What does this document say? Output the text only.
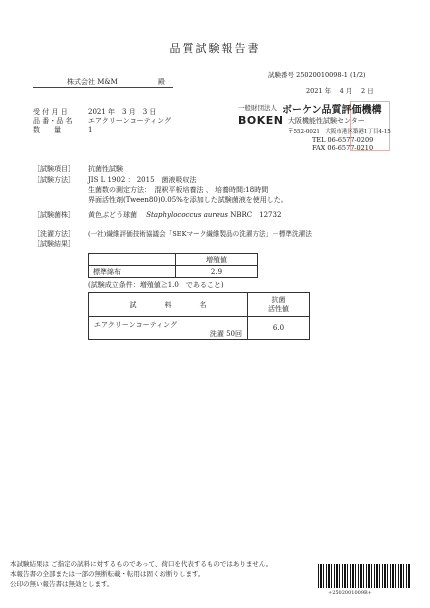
品質試験報告書
試験番号 25020010098-1 (1/2)
2021 年　 4 月　 2 日
株式会社 M&M	殿
受 付 月 日	2021 年　3 月　3 日
品 番・品 名 エアクリーンコーティング
数　　量	1
一般財団法人 ボーケン品質評価機構
BOKEN 大阪機能性試験センター
〒552-0021　大阪市港区築港1丁目4-15
TEL 06-6577-0209
FAX 06-6577-0210
［試験項目］ 抗菌性試験
［試験方法］ JIS L 1902 ： 2015　菌液吸収法
生菌数の測定方法：　混釈平板培養法 、 培養時間:18時間
界面活性剤(Tween80)0.05%を添加した試験菌液を使用した。
［試験菌株］ 黄色ぶどう球菌　 Staphylococcus aureus NBRC　12732
［洗濯方法］ (一社)繊維評価技術協議会「SEKマーク繊維製品の洗濯方法」－標準洗濯法
［試験結果］
	増殖値
標準綿布	2.9
(試験成立条件：増殖値≧1.0　であること)
試　　　　料　　　　名	抗菌
活性値

エアクリーンコーティング
洗濯 50回	6.0
本試験結果は ご指定の試料に対するものであって、荷口を代表するものではありません。
本報告書の全部または一部の無断転載・転用は固くお断りします。
公印の無い報告書は無効とします。
+2502001009B+
